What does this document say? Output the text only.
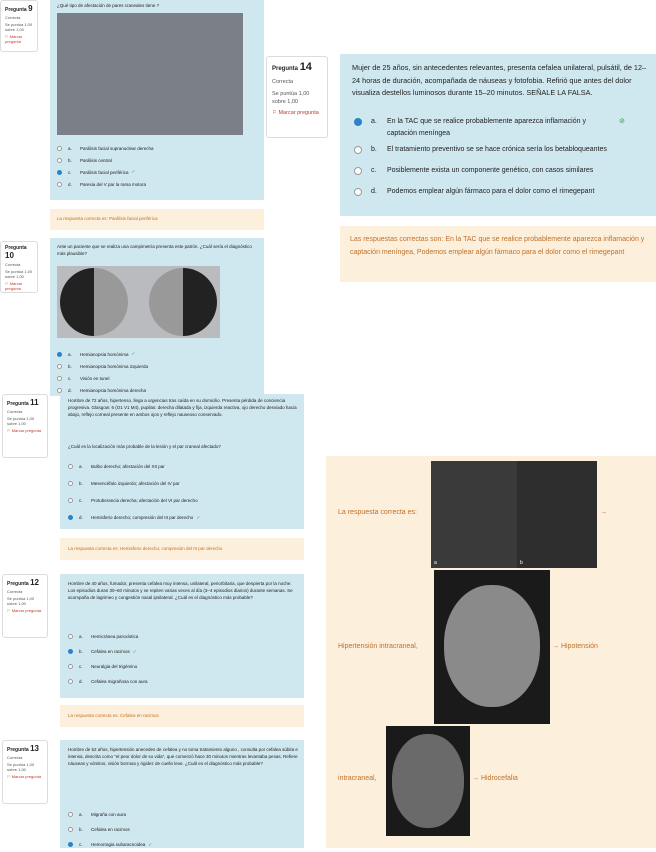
Pregunta 9
Correcta
Se puntúa 1,00 sobre 1,00
⚐ Marcar pregunta
¿Qué tipo de afectación de pares craneales tiene ?
a.	Parálisis facial supranuclear derecha
b.	Parálisis central
c.	Parálisis facial periférica ✓
d.	Paresia del V par la rama motora
La respuesta correcta es: Parálisis facial periférica
Pregunta 10
Correcta
Se puntúa 1,00 sobre 1,00
⚐ Marcar pregunta
Ante un paciente que se realiza una campimetría presenta este patrón. ¿Cuál sería el diagnóstico más plausible?
a.	Hemianopsia homónima ✓
b.	Hemianopsia homónima izquierda
c.	Visión en tunel
d.	Hemianopsia homónima derecha
Pregunta 11
Correcta
Se puntúa 1,00 sobre 1,00
⚐ Marcar pregunta
Hombre de 72 años, hipertenso, llega a urgencias tras caída en su domicilio. Presenta pérdida de conciencia progresiva. Glasgow: 6 (O1 V1 M4), pupilas: derecha dilatada y fija, izquierda reactiva, ojo derecho desviado hacia abajo, reflejo corneal presente en ambos ojos y reflejo nauseoso conservado.
¿Cuál es la localización más probable de la lesión y el par craneal afectado?
a.	Bulbo derecho; afectación del XII par
b.	Mesencéfalo izquierdo; afectación del IV par
c.	Protuberancia derecha; afectación del VI par derecho
d.	Hemisferio derecho; compresión del III par derecho ✓
La respuesta correcta es: Hemisferio derecho; compresión del III par derecho
Pregunta 12
Correcta
Se puntúa 1,00 sobre 1,00
⚐ Marcar pregunta
Hombre de 40 años, fumador, presenta cefalea muy intensa, unilateral, periorbitaria, que despierta por la noche. Los episodios duran 30–60 minutos y se repiten varias veces al día (3–4 episodios diarios) durante semanas. Se acompaña de lagrimeo y congestión nasal ipsilateral. ¿Cuál es el diagnóstico más probable?
a.	Hemicránea paroxística
b.	Cefalea en racimos ✓
c.	Neuralgia del trigémino
d.	Cefalea migrañosa con aura
La respuesta correcta es: Cefalea en racimos
Pregunta 13
Correcta
Se puntúa 1,00 sobre 1,00
⚐ Marcar pregunta
Hombre de 52 años, hipertensión anecedes de cefalea y no toma tratamiento alguno , consulta por cefalea súbita e intensa, descrita como "el peor dolor de su vida", que comenzó hace 30 minutos mientras levantaba pesas. Refiere náuseas y vómitos, visión borrosa y rigidez de cuello leve. ¿Cuál es el diagnóstico más probable?
a.	Migraña con aura
b.	Cefalea en racimos
c.	Hemorragia subaracnoidea ✓
Pregunta 14
Correcta
Se puntúa 1,00 sobre 1,00
⚐ Marcar pregunta
Mujer de 25 años, sin antecedentes relevantes, presenta cefalea unilateral, pulsátil, de 12–24 horas de duración, acompañada de náuseas y fotofobia. Refirió que antes del dolor visualiza destellos luminosos durante 15–20 minutos. SEÑALE LA FALSA.
a.	En la TAC que se realice probablemente aparezca inflamación y captación meníngea
⊘
b.	El tratamiento preventivo se se hace crónica sería los betabloqueantes
c.	Posiblemente exista un componente genético, con casos similares
d.	Podemos emplear algún fármaco para el dolor como el rimegepant
Las respuestas correctas son: En la TAC que se realice probablemente aparezca inflamación y captación meníngea, Podemos emplear algún fármaco para el dolor como el rimegepant
La respuesta correcta es:
a	b
→
Hipertensión intracraneal,	→ Hipotensión
intracraneal,	→ Hidrocefalia
